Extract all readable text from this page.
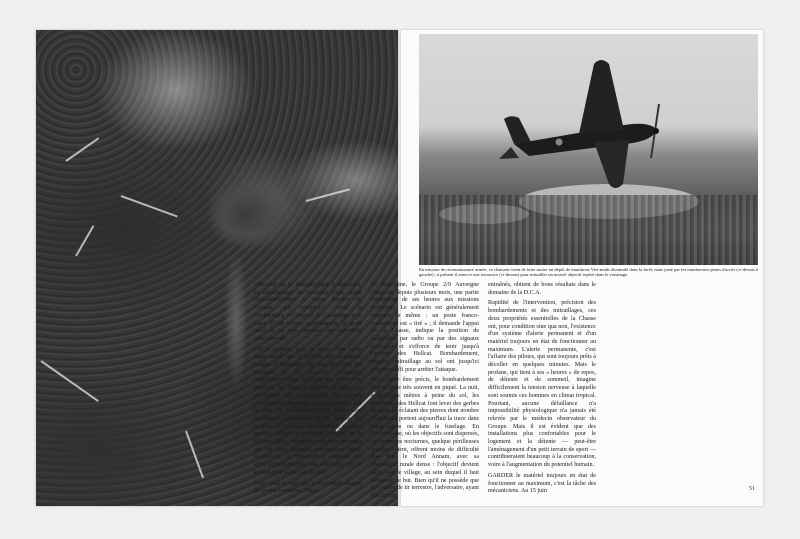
En mission de reconnaissance armée, ce chasseur vient de faire sauter un dépôt de munitions Viet-minh dissimulé dans la forêt, mais juste par les nombreuses pistes d'accès (ci-dessus à gauche) ; à présent il amorce une ressource (ci-dessus) pour mitrailler un nouvel objectif repéré dans le voisinage.

efficacité en se démultipliant. L'opération, en détachement de plusieurs jours, aurait considérablement le rayon d'action du Groupe, qui comprend, outre la Cochinchine et l'Annam, le Cambodge et le Laos. Il est même, actuellement, la seule unité de ce type couvrant une superficie aussi étendue.

CELA rappelé, pour le pilote d'un avion aussi rapide que le Hellcat, une adaptation longue et fatigante. Par leur diversité, les missions et les objectifs nécessitent l'application d'une tactique très mouvante. Souvent, les fours à charbon de bois, qui alimentent en combustible les usines d'armement viet-minh, ne sont visibles que la nuit. En Cochinchine, ces usines sont habilement camouflées et, en Annam, les moyens de traction ont constitué, pendant quelque temps, le principal objectif de la Chasse. Deux locomotives et deux draisines ont été ainsi détruites entièrement. Mais, maintenant, le Viet-minh a construit des abris souterrains pour ces véhicules, qui ne sortent plus guère que la nuit.

C'est aussi la nuit que le Viet-minh attaque les postes terrestres. Parmi

en Indochine, le Groupe 2/9 Auvergne consacre, depuis plusieurs mois, une partie importante de ses heures aux missions nocturnes. Le scénario est généralement toujours le même : un poste franco-vietnamien est « tiré » ; il demande l'appui de la Chasse, indique la position de l'assaillant par radio ou par des signaux lumineux et s'efforce de tenir jusqu'à l'arrivée des Hellcat. Bombardement, napalm, mitraillage au sol ont jusqu'ici toujours suffi pour arrêter l'attaque.

Mais, pour être précis, le bombardement doit se faire très souvent en piqué. La nuit, à quelques mètres à peine du sol, les projectiles des Hellcat font lever des gerbes de boue en éclatant des pierres dont nombre d'appareils portent aujourd'hui la trace dans leurs plans ou dans le fuselage. En Cochinchine, où les objectifs sont dispersés, ces missions nocturnes, quelque périlleuses qu'elles soient, offrent moins de difficulté que dans le Nord Annam, avec sa population rurale dense : l'objectif devient alors tout le village, au sein duquel il faut découvrir le but. Bien qu'il ne possède que des armes de tir terrestre, l'adversaire, ayant des tireurs

entraînés, obtient de bons résultats dans le domaine de la D.C.A.

Rapidité de l'intervention, précision des bombardements et des mitraillages, ces deux propriétés essentielles de la Chasse ont, pour condition sine qua non, l'existence d'un système d'alerte permanent et d'un matériel toujours en état de fonctionner au maximum. L'alerte permanente, c'est l'affaire des pilotes, qui sont toujours prêts à décoller en quelques minutes. Mais le profane, qui tient à ses « heures » de repos, de détente et de sommeil, imagine difficilement la tension nerveuse à laquelle sont soumis ces hommes en climat tropical. Pourtant, aucune défaillance n'a impossibilité physiologique n'a jamais été relevée par le médecin observateur du Groupe. Mais il est évident que des installations plus confortables pour le logement et la détente — peut-être l'aménagement d'un petit terrain de sport — contribueraient beaucoup à la conservation, voire à l'augmentation du potentiel humain.

GARDER le matériel toujours en état de fonctionner au maximum, c'est la tâche des mécaniciens. Au 15 juin	51
